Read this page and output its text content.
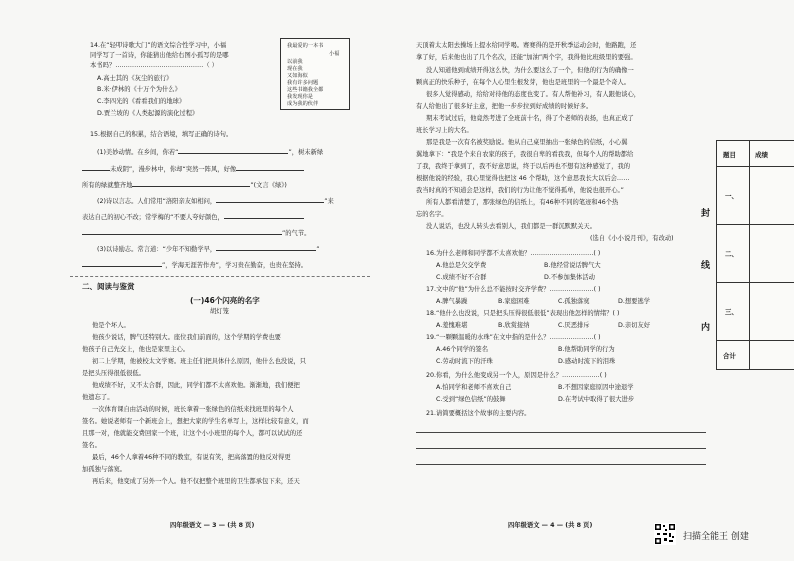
14.在“轻叩诗歌大门”的语文综合性学习中，小福
同学写了一首诗，你能猜出他给右图小孤写的是哪
本书吗？……………………………………（ ）
A.高士其的《灰尘的旅行》
B.米·伊林的《十万个为什么》
C.李四光的《看看我们的地球》
D.贾兰坡的《人类起源的演化过程》
我最爱的一本书
小福
以前我
现在我
又如海似
我有许多问题
这些书籍我全都
我发现你是
成为我的伙伴
15.根据自己的积累，结合语境，填写正确的诗句。
(1)美妙动情。在乡间，你若“	”，树未新绿
未成阴”，漫步林中，你却“突然一阵风，好像
所有的绿就整齐地	”(文言《绿》)
(2)诗以言志。人们常用“洛阳亲友如相问，	”来
表达自己的初心不改；常学梅的“不要人夸好颜色，
”的气节。
(3)以诗励志。常言道：“少年不知勤学早，	”
”，学海无涯苦作舟”，学习贵在勤奋，也贵在坚持。
二、阅读与鉴赏
(一)46个闪亮的名字
胡灯笼
他是个坏人。
他孩少说话，脾气还特别大。座位我们前面的，这个学期的学费也要
他孩子自己先交上，他也是家里主心。
初二上学期，他被校太文学赛。班主任们把具体什么原因，他什么也没说，只
是把头压得很低很低。
他成绩不好，又不太合群，因此，同学们都不太喜欢他。渐渐地，我们便把
他遗忘了。
一次体育课自由活动的时候，班长拿着一张绿色的信纸来找班里的每个人
签名。她说老师有一个新班会上，想把大家的学生名单写上，这样比较有意义，而
且那一对，他就能交费回家一个班，让这个小小班里的每个人，都可以试试的还
签名。
最后，46个人拿着46种不同的教室，有说有笑，把高落置的他反对得更
加孤独与落寞。
再后来，他变成了另外一个人。他不仅把整个班里的卫生都承包下来，还天
四年级语文 — 3 — (共 8 页)
天顶着太太阳去操场上提水给同学喝。赛赛得的是开秋季运动会时，他路跑，还
拿了好，后来他也出了几个名次，还能“加油”两个字，我得他比班级里的要强。
没人知道他到成绩开得这么快，为什么要这么了一个，但他的行为的确像一
颗真正的快乐种子，在每个人心里生根发芽，他也是班里的一个最是个奇人。
很多人觉得感动，给给对待他的态度也变了。有人帮他补习，有人跟他谈心，
有人给他出了很多好主意，把他一步步拉到好成绩的时候好多。
期末考试过后，他竟然考进了全班前十名，得了个老师的表扬，也真正成了
班长学习上的大名。
那是我是一次有名被奖励说。他从自己桌里抽出一张绿色的信纸，小心翼
翼地拿下：“我是个来自农家的孩子，我很自卑的看我我，但每个人的帮助都给
了我，我终于拿到了，我不好意思说，终于以后再也不想有这种感觉了，我的
根据他说的经验，我心里觉得也把这 46 个帮助，这个意思我长大以后会……
我当时真的不知道会是这样，我们的行为让他不觉得孤单，他说也很开心。”
所有人都看清楚了，那张绿色的信纸上，有46种不同的笔迹和46个热
忘的名字。
没人说话，也没人转头去看别人，我们都是一群沉默默关天。
(选自《小小说月刊》，有改动)
16.为什么老师和同学都不太喜欢他？…………………………( )
A.他总是欠交学费	B.他经常说话脾气大
C.成绩不好不合群	D.不参加集体活动
17.文中的“他”为什么总不能按时交齐学费？…………………( )
A.脾气暴躁	B.家庭困难	C.孤独落寞	D.想要逃学
18.“他什么也没说，只是把头压得很低很低”表现出他怎样的情绪？( )
A.羞愧难堪	B.欣赏接纳	C.厌恶排斥	D.亲切友好
19.“一颗颗温暖的水珠”在文中指的是什么？…………………( )
A.46个同学的签名	B.他帮助同学的行为
C.劳动时流下的汗珠	D.感动时流下的泪珠
20.你看，为什么他变成另一个人，原因是什么？………………( )
A.怕同学和老师不喜欢自己	B.不想因家庭原因中途退学
C.受到“绿色信纸”的鼓舞	D.在考试中取得了很大进步
21.请简要概括这个故事的主要内容。
四年级语文 — 4 — (共 8 页)
封
线
内
题目	成绩
一、
二、
三、
合计
扫描全能王 创建
